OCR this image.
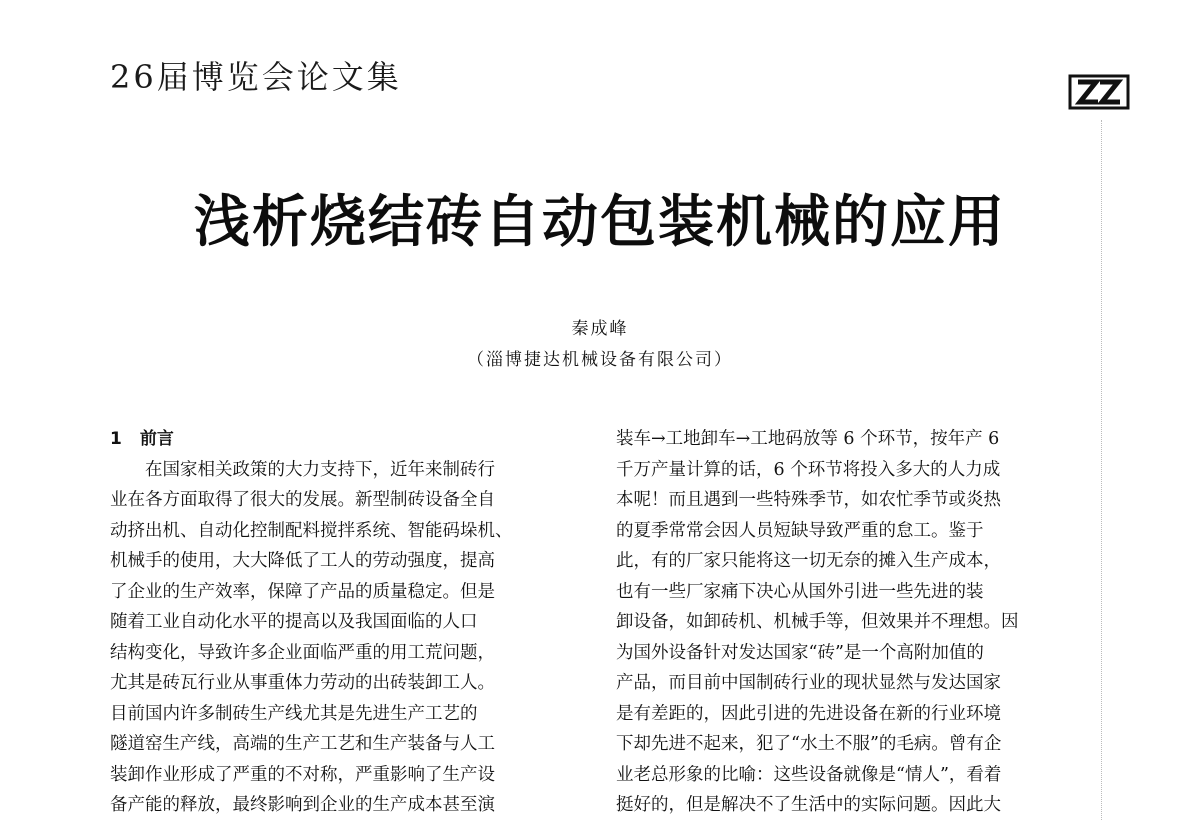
26届博览会论文集
浅析烧结砖自动包装机械的应用
秦成峰
（淄博捷达机械设备有限公司）
1 前言
　　在国家相关政策的大力支持下，近年来制砖行
业在各方面取得了很大的发展。新型制砖设备全自
动挤出机、自动化控制配料搅拌系统、智能码垛机、
机械手的使用，大大降低了工人的劳动强度，提高
了企业的生产效率，保障了产品的质量稳定。但是
随着工业自动化水平的提高以及我国面临的人口
结构变化，导致许多企业面临严重的用工荒问题，
尤其是砖瓦行业从事重体力劳动的出砖装卸工人。
目前国内许多制砖生产线尤其是先进生产工艺的
隧道窑生产线，高端的生产工艺和生产装备与人工
装卸作业形成了严重的不对称，严重影响了生产设
备产能的释放，最终影响到企业的生产成本甚至演
装车→工地卸车→工地码放等 6 个环节，按年产 6
千万产量计算的话，6 个环节将投入多大的人力成
本呢！而且遇到一些特殊季节，如农忙季节或炎热
的夏季常常会因人员短缺导致严重的怠工。鉴于
此，有的厂家只能将这一切无奈的摊入生产成本，
也有一些厂家痛下决心从国外引进一些先进的装
卸设备，如卸砖机、机械手等，但效果并不理想。因
为国外设备针对发达国家“砖”是一个高附加值的
产品，而目前中国制砖行业的现状显然与发达国家
是有差距的，因此引进的先进设备在新的行业环境
下却先进不起来，犯了“水土不服”的毛病。曾有企
业老总形象的比喻：这些设备就像是“情人”，看着
挺好的，但是解决不了生活中的实际问题。因此大
